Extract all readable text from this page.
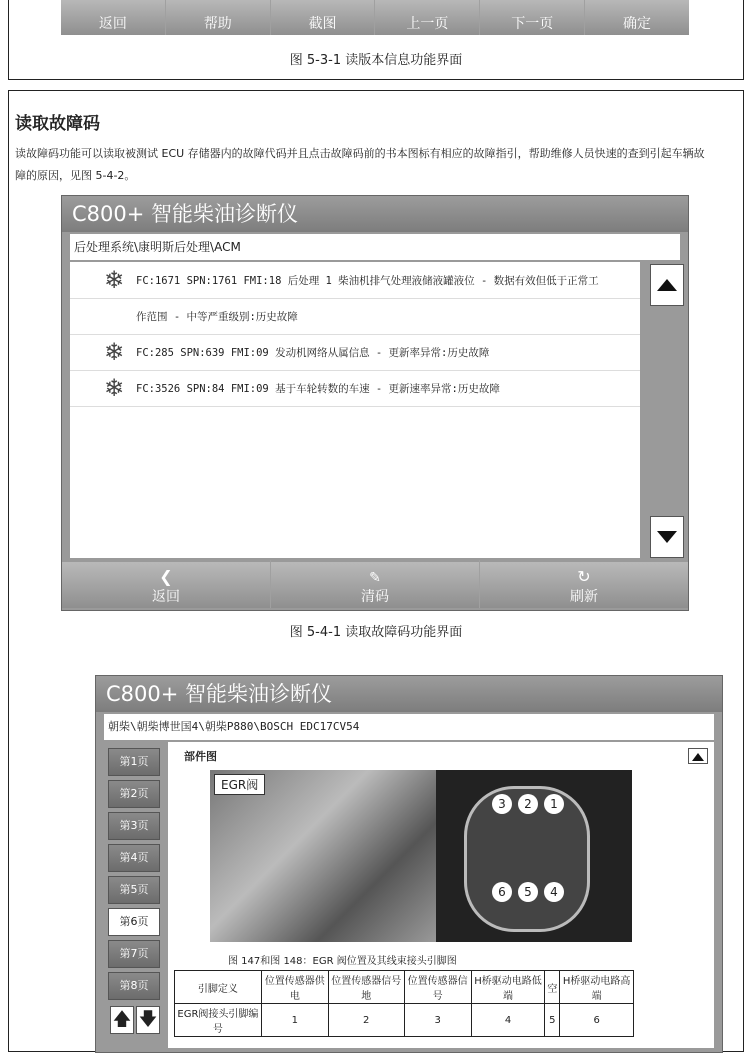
返回	帮助	截图	上一页	下一页	确定
图 5-3-1 读版本信息功能界面
读取故障码
读故障码功能可以读取被测试 ECU 存储器内的故障代码并且点击故障码前的书本图标有相应的故障指引，帮助维修人员快速的查到引起车辆故障的原因，见图 5-4-2。
C800+ 智能柴油诊断仪
后处理系统\康明斯后处理\ACM
❄ FC:1671 SPN:1761 FMI:18 后处理 1 柴油机排气处理液储液罐液位 - 数据有效但低于正常工
作范围 - 中等严重级别:历史故障
❄ FC:285 SPN:639 FMI:09 发动机网络从属信息 - 更新率异常:历史故障
❄ FC:3526 SPN:84 FMI:09 基于车轮转数的车速 - 更新速率异常:历史故障
❮
返回
✎
清码
↻
刷新
图 5-4-1 读取故障码功能界面
C800+ 智能柴油诊断仪
朝柴\朝柴博世国4\朝柴P880\BOSCH EDC17CV54
第1页
第2页
第3页
第4页
第5页
第6页
第7页
第8页
🡅 🡇
部件图
EGR阀
3	2	1
6	5	4
图 147和图 148：EGR 阀位置及其线束接头引脚图
引脚定义	位置传感器供电	位置传感器信号地	位置传感器信号	H桥驱动电路低端	空	H桥驱动电路高端
EGR阀接头引脚编号	1	2	3	4	5	6
